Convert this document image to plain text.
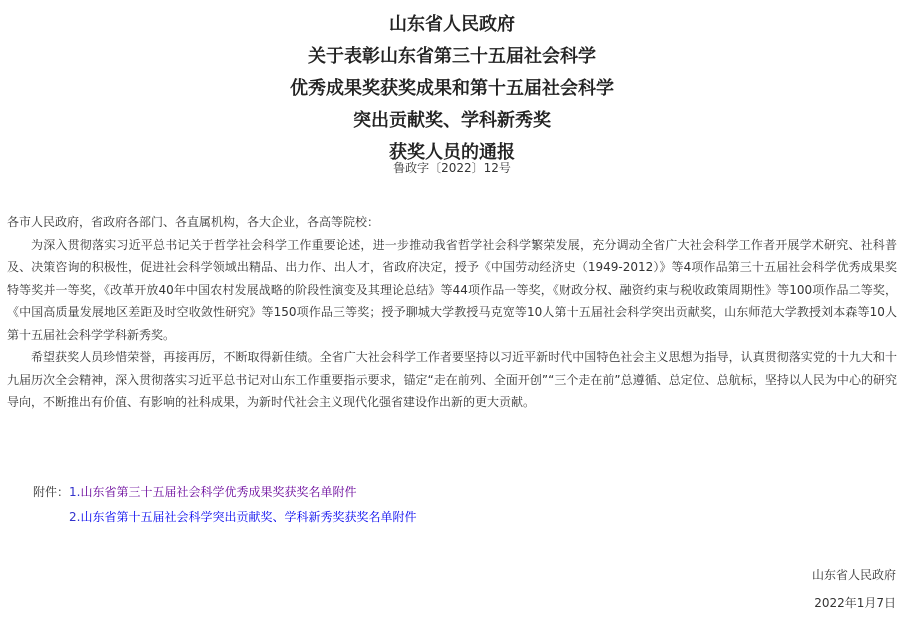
山东省人民政府
关于表彰山东省第三十五届社会科学
优秀成果奖获奖成果和第十五届社会科学
突出贡献奖、学科新秀奖
获奖人员的通报
鲁政字〔2022〕12号

各市人民政府，省政府各部门、各直属机构，各大企业，各高等院校：

为深入贯彻落实习近平总书记关于哲学社会科学工作重要论述，进一步推动我省哲学社会科学繁荣发展，充分调动全省广大社会科学工作者开展学术研究、社科普及、决策咨询的积极性，促进社会科学领域出精品、出力作、出人才，省政府决定，授予《中国劳动经济史（1949-2012）》等4项作品第三十五届社会科学优秀成果奖特等奖并一等奖，《改革开放40年中国农村发展战略的阶段性演变及其理论总结》等44项作品一等奖，《财政分权、融资约束与税收政策周期性》等100项作品二等奖，《中国高质量发展地区差距及时空收敛性研究》等150项作品三等奖；授予聊城大学教授马克宽等10人第十五届社会科学突出贡献奖，山东师范大学教授刘本森等10人第十五届社会科学学科新秀奖。

希望获奖人员珍惜荣誉，再接再厉，不断取得新佳绩。全省广大社会科学工作者要坚持以习近平新时代中国特色社会主义思想为指导，认真贯彻落实党的十九大和十九届历次全会精神，深入贯彻落实习近平总书记对山东工作重要指示要求，锚定“走在前列、全面开创”“三个走在前”总遵循、总定位、总航标，坚持以人民为中心的研究导向，不断推出有价值、有影响的社科成果，为新时代社会主义现代化强省建设作出新的更大贡献。

附件：1.山东省第三十五届社会科学优秀成果奖获奖名单附件
2.山东省第十五届社会科学突出贡献奖、学科新秀奖获奖名单附件
山东省人民政府
2022年1月7日
